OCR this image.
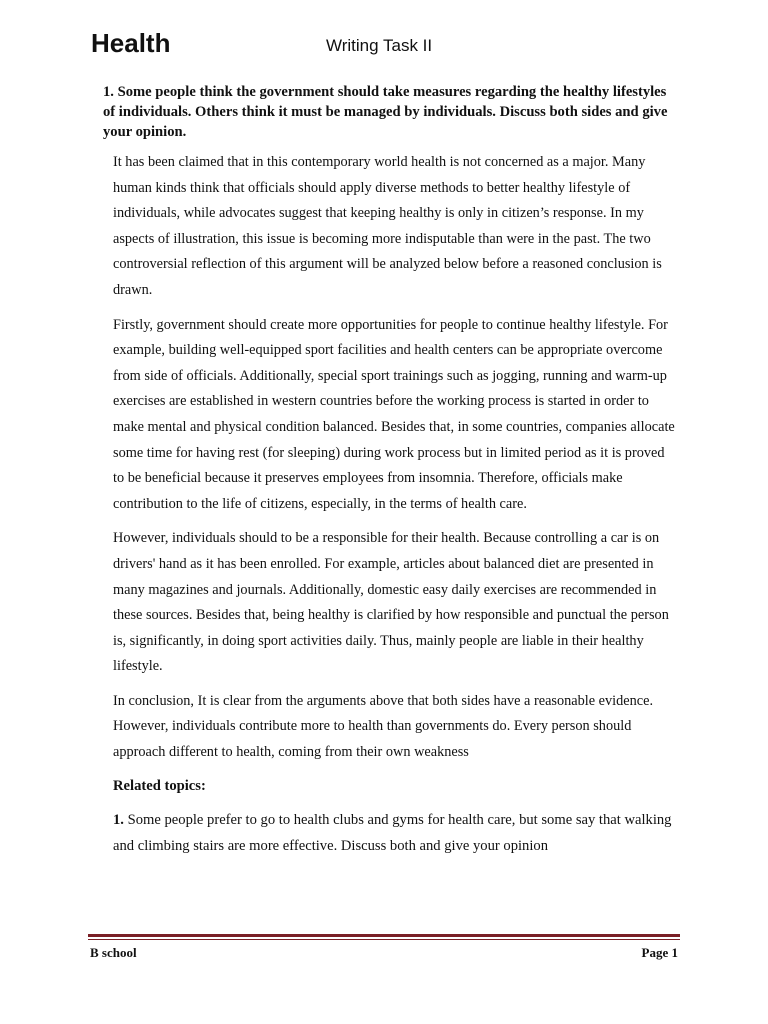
Health	Writing Task II
1. Some people think the government should take measures regarding the healthy lifestyles of individuals. Others think it must be managed by individuals. Discuss both sides and give your opinion.

It has been claimed that in this contemporary world health is not concerned as a major. Many human kinds think that officials should apply diverse methods to better healthy lifestyle of individuals, while advocates suggest that keeping healthy is only in citizen’s response. In my aspects of illustration, this issue is becoming more indisputable than were in the past. The two controversial reflection of this argument will be analyzed below before a reasoned conclusion is drawn.

Firstly, government should create more opportunities for people to continue healthy lifestyle. For example, building well-equipped sport facilities and health centers can be appropriate overcome from side of officials. Additionally, special sport trainings such as jogging, running and warm-up exercises are established in western countries before the working process is started in order to make mental and physical condition balanced. Besides that, in some countries, companies allocate some time for having rest (for sleeping) during work process but in limited period as it is proved to be beneficial because it preserves employees from insomnia. Therefore, officials make contribution to the life of citizens, especially, in the terms of health care.

However, individuals should to be a responsible for their health. Because controlling a car is on drivers' hand as it has been enrolled. For example, articles about balanced diet are presented in many magazines and journals. Additionally, domestic easy daily exercises are recommended in these sources. Besides that, being healthy is clarified by how responsible and punctual the person is, significantly, in doing sport activities daily. Thus, mainly people are liable in their healthy lifestyle.

In conclusion, It is clear from the arguments above that both sides have a reasonable evidence. However, individuals contribute more to health than governments do. Every person should approach different to health, coming from their own weakness

Related topics:

1. Some people prefer to go to health clubs and gyms for health care, but some say that walking and climbing stairs are more effective. Discuss both and give your opinion

B school	Page 1
